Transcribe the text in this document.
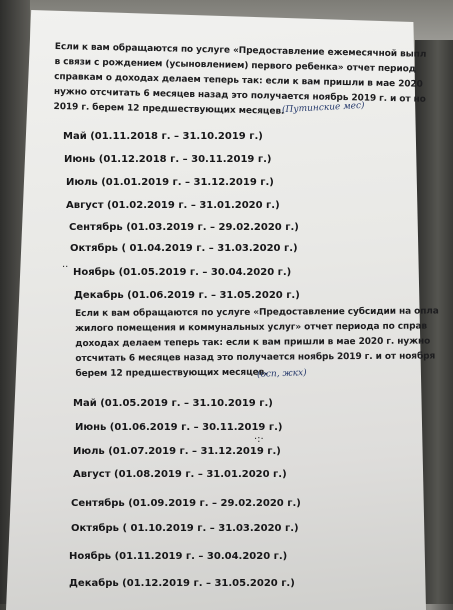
Если к вам обращаются по услуге «Предоставление ежемесячной выпл
в связи с рождением (усыновлением) первого ребенка» отчет период
справкам о доходах делаем теперь так: если к вам пришли в мае 2020
нужно отсчитать 6 месяцев назад это получается ноябрь 2019 г. и от но
2019 г. берем 12 предшествующих месяцев.
(Путинские мес)
Май (01.11.2018 г. – 31.10.2019 г.)
Июнь (01.12.2018 г. – 30.11.2019 г.)
Июль (01.01.2019 г. – 31.12.2019 г.)
Август (01.02.2019 г. – 31.01.2020 г.)
Сентябрь (01.03.2019 г. – 29.02.2020 г.)
Октябрь ( 01.04.2019 г. – 31.03.2020 г.)
·· Ноябрь (01.05.2019 г. – 30.04.2020 г.)
Декабрь (01.06.2019 г. – 31.05.2020 г.)
Если к вам обращаются по услуге «Предоставление субсидии на опла
жилого помещения и коммунальных услуг» отчет периода по справ
доходах делаем теперь так: если к вам пришли в мае 2020 г. нужно
отсчитать 6 месяцев назад это получается ноябрь 2019 г. и от ноября
берем 12 предшествующих месяцев.
(осп, жкх)
Май (01.05.2019 г. – 31.10.2019 г.)
Июнь (01.06.2019 г. – 30.11.2019 г.)
Июль (01.07.2019 г. – 31.12.2019 г.)
·:·
Август (01.08.2019 г. – 31.01.2020 г.)
Сентябрь (01.09.2019 г. – 29.02.2020 г.)
Октябрь ( 01.10.2019 г. – 31.03.2020 г.)
Ноябрь (01.11.2019 г. – 30.04.2020 г.)
Декабрь (01.12.2019 г. – 31.05.2020 г.)
